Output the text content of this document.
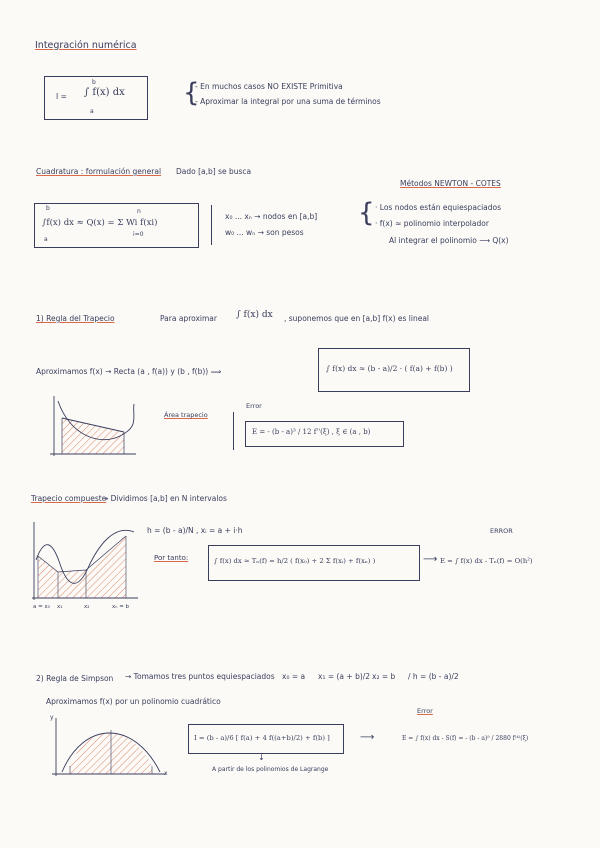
Integración numérica
I = ∫ f(x) dx
b
a
{
- En muchos casos NO EXISTE Primitiva
- Aproximar la integral por una suma de términos
Cuadratura : formulación general Dado [a,b] se busca
Métodos NEWTON - COTES
∫f(x) dx ≈ Q(x) = Σ Wi f(xi)
b
a
n
i=0
x₀ ... xₙ → nodos en [a,b]
w₀ ... wₙ → son pesos
{ · Los nodos están equiespaciados
· f(x) ≈ polinomio interpolador
Al integrar el polinomio ⟶ Q(x)
1) Regla del Trapecio	Para aproximar ∫ f(x) dx , suponemos que en [a,b] f(x) es lineal
Aproximamos f(x) → Recta (a , f(a)) y (b , f(b)) ⟹	∫ f(x) dx ≈ (b - a)/2 · ( f(a) + f(b) )
Área trapecio
Error
E = - (b - a)³ / 12 f''(ξ) , ξ ∈ (a , b)
Trapecio compuesto
→ Dividimos [a,b] en N intervalos
h = (b - a)/N , xᵢ = a + i·h
Por tanto:	∫ f(x) dx ≈ Tₙ(f) = h/2 ( f(x₀) + 2 Σ f(xᵢ) + f(xₙ) )	⟶
ERROR
E = ∫ f(x) dx - Tₙ(f) = O(h²)
a = x₀ x₁	x₂	xₙ = b
2) Regla de Simpson → Tomamos tres puntos equiespaciados x₀ = a x₁ = (a + b)/2 x₂ = b / h = (b - a)/2
Aproximamos f(x) por un polinomio cuadrático
y
x
I = (b - a)/6 [ f(a) + 4 f((a+b)/2) + f(b) ]
↓
A partir de los polinomios de Lagrange
⟶
Error
E = ∫ f(x) dx - S(f) = - (b - a)⁵ / 2880 f⁽⁴⁾(ξ)
